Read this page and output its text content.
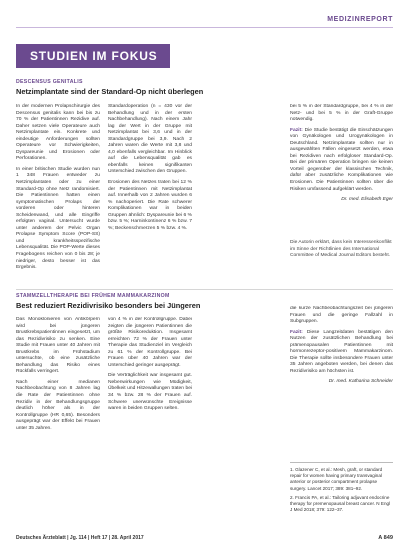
MEDIZINREPORT
STUDIEN IM FOKUS
DESCENSUS GENITALIS
Netzimplantate sind der Standard-Op nicht überlegen

In der modernen Prolapschirurgie des Descensus genitalis kann bei bis zu 70 % der Patientinnen Rezidive auf. Daher setzen viele Operateure auch Netzimplantate ein. Konkrete und eindeutige Anforderungen sollten Operateure vor Schwierigkeiten, Dyspareunie und Erosionen oder Perforationen.

In einer britischen Studie wurden nun 1 348 Frauen entweder zu Netzimplantaten oder zu einer Standard-Op ohne Netz randomisiert. Die Patientinnen hatten einen symptomatischen Prolaps der vorderen oder hinteren Scheidenwand, und alle Eingriffe erfolgten vaginal. Untersucht wurde unter anderem der Pelvic Organ Prolapse Symptom Score (POP-SS) und krankheitsspezifische Lebensqualität. Die POP-Werte dieses Fragebogens reichen von 0 bis 28; je niedriger, desto besser ist das Ergebnis.

Standardoperation (n = 430 vor der Behandlung und in der ersten Nachbehandlung). Nach einem Jahr lag der Wert in der Gruppe mit Netzimplantat bei 3,6 und in der Standardgruppe bei 3,9. Nach 2 Jahren waren die Werte mit 3,8 und 4,0 ebenfalls vergleichbar. Im Hinblick auf die Lebensqualität gab es ebenfalls keinen signifikanten Unterschied zwischen den Gruppen.

Erosionen des Netzes traten bei 12 % der Patientinnen mit Netzimplantat auf. Innerhalb von 2 Jahren wurden 6 % nachoperiert. Die Rate schwerer Komplikationen war in beiden Gruppen ähnlich: Dyspareunie bei 6 % bzw. 5 %; Harninkontinenz 6 % bzw. 7 %; Beckenschmerzen 5 % bzw. 4 %.

bei 5 % in der Standardgruppe, bei 4 % in der Netz- und bei 5 % in der Graft-Gruppe notwendig.

Fazit: Die Studie bestätigt die Einschätzungen von Gynäkologen und Urogynäkologen in Deutschland. Netzimplantate sollten nur in ausgewählten Fällen eingesetzt werden, etwa bei Rezidiven nach erfolgloser Standard-Op. Bei der primären Operation bringen sie keinen Vorteil gegenüber der klassischen Technik, dafür aber zusätzliche Komplikationen wie Erosionen. Die Patientinnen sollten über die Risiken umfassend aufgeklärt werden.

Dr. med. Elisabeth Eger
Die Autorin erklärt, dass kein Interessenkonflikt im Sinne der Richtlinien des International Committee of Medical Journal Editors besteht.
STAMMZELLTHERAPIE BEI FRÜHEM MAMMAKARZINOM
Best reduziert Rezidivrisiko besonders bei Jüngeren

Das Monoklonieren von Antikörpern wird bei jüngeren Brustkrebspatientinnen eingesetzt, um das Rezidivrisiko zu senken. Eine Studie mit Frauen unter 40 Jahren mit Brustkrebs im Frühstadium untersuchte, ob eine zusätzliche Behandlung das Risiko eines Rückfalls verringert.

Nach einer medianen Nachbeobachtung von 8 Jahren lag die Rate der Patientinnen ohne Rezidiv in der Behandlungsgruppe deutlich höher als in der Kontrollgruppe (HR 0,65). Besonders ausgeprägt war der Effekt bei Frauen unter 35 Jahren.

von 4 % in der Kontrollgruppe. Dabei zeigten die jüngeren Patientinnen die größte Risikoreduktion. Insgesamt erreichten 72 % der Frauen unter Therapie das Studienziel im Vergleich zu 61 % der Kontrollgruppe. Bei Frauen über 40 Jahren war der Unterschied geringer ausgeprägt.

Die Verträglichkeit war insgesamt gut. Nebenwirkungen wie Müdigkeit, Übelkeit und Hitzewallungen traten bei 34 % bzw. 28 % der Frauen auf. Schwere unerwünschte Ereignisse waren in beiden Gruppen selten.

die kurze Nachbeobachtungszeit bei jüngeren Frauen und die geringe Fallzahl in Subgruppen.

Fazit: Diese Langzeitdaten bestätigen den Nutzen der zusätzlichen Behandlung bei prämenopausalen Patientinnen mit hormonrezeptor-positivem Mammakarzinom. Die Therapie sollte insbesondere Frauen unter 35 Jahren angeboten werden, bei denen das Rezidivrisiko am höchsten ist.

Dr. med. Katharina Schneider

1. Glazener C, et al.: Mesh, graft, or standard repair for women having primary transvaginal anterior or posterior compartment prolapse surgery. Lancet 2017; 389: 381–92.

2. Francis PA, et al.: Tailoring adjuvant endocrine therapy for premenopausal breast cancer. N Engl J Med 2018; 379: 122–37.

Deutsches Ärzteblatt | Jg. 114 | Heft 17 | 28. April 2017	A 849
